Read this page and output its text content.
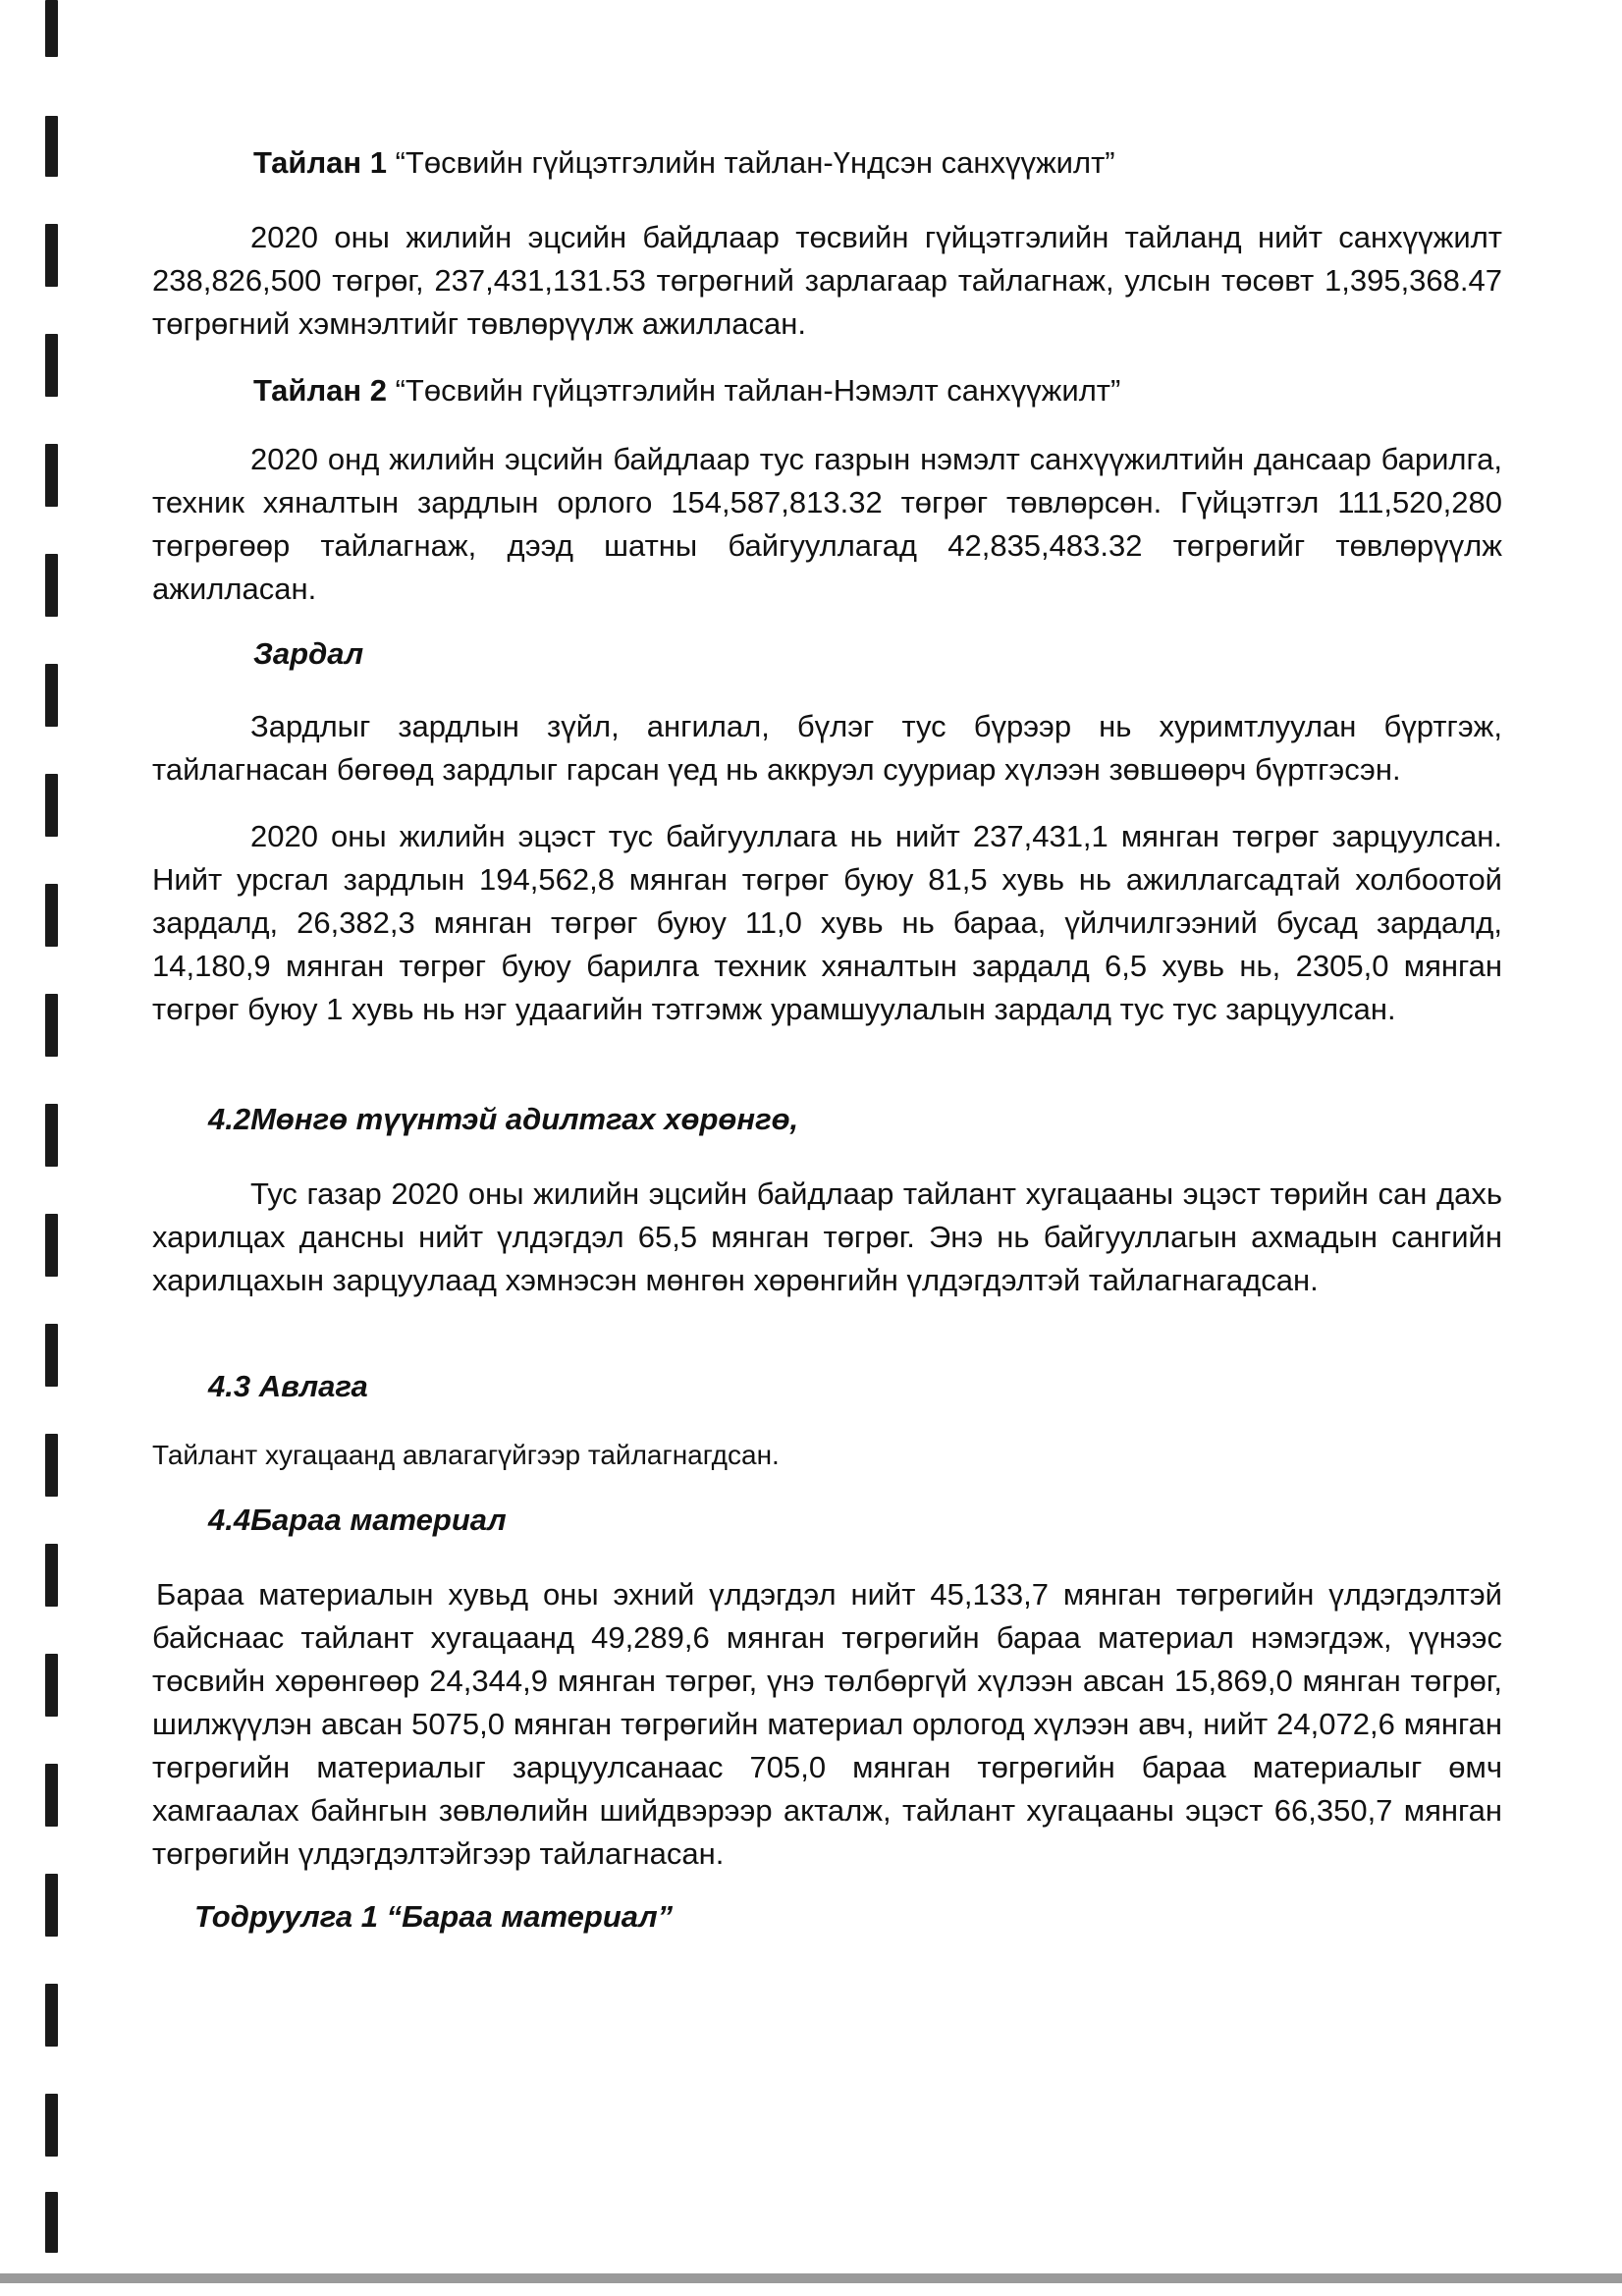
Тайлан 1 “Төсвийн гүйцэтгэлийн тайлан-Үндсэн санхүүжилт”

2020 оны жилийн эцсийн байдлаар төсвийн гүйцэтгэлийн тайланд нийт санхүүжилт 238,826,500 төгрөг, 237,431,131.53 төгрөгний зарлагаар тайлагнаж, улсын төсөвт 1,395,368.47 төгрөгний хэмнэлтийг төвлөрүүлж ажилласан.

Тайлан 2 “Төсвийн гүйцэтгэлийн тайлан-Нэмэлт санхүүжилт”

2020 онд жилийн эцсийн байдлаар тус газрын нэмэлт санхүүжилтийн дансаар барилга, техник хяналтын зардлын орлого 154,587,813.32 төгрөг төвлөрсөн. Гүйцэтгэл 111,520,280 төгрөгөөр тайлагнаж, дээд шатны байгууллагад 42,835,483.32 төгрөгийг төвлөрүүлж ажилласан.

Зардал

Зардлыг зардлын зүйл, ангилал, бүлэг тус бүрээр нь хуримтлуулан бүртгэж, тайлагнасан бөгөөд зардлыг гарсан үед нь аккруэл сууриар хүлээн зөвшөөрч бүртгэсэн.

2020 оны жилийн эцэст тус байгууллага нь нийт 237,431,1 мянган төгрөг зарцуулсан. Нийт урсгал зардлын 194,562,8 мянган төгрөг буюу 81,5 хувь нь ажиллагсадтай холбоотой зардалд, 26,382,3 мянган төгрөг буюу 11,0 хувь нь бараа, үйлчилгээний бусад зардалд, 14,180,9 мянган төгрөг буюу барилга техник хяналтын зардалд 6,5 хувь нь, 2305,0 мянган төгрөг буюу 1 хувь нь нэг удаагийн тэтгэмж урамшуулалын зардалд тус тус зарцуулсан.

4.2Мөнгө түүнтэй адилтгах хөрөнгө,

Тус газар 2020 оны жилийн эцсийн байдлаар тайлант хугацааны эцэст төрийн сан дахь харилцах дансны нийт үлдэгдэл 65,5 мянган төгрөг. Энэ нь байгууллагын ахмадын сангийн харилцахын зарцуулаад хэмнэсэн мөнгөн хөрөнгийн үлдэгдэлтэй тайлагнагадсан.

4.3 Авлага

Тайлант хугацаанд авлагагүйгээр тайлагнагдсан.

4.4Бараа материал

Бараа материалын хувьд оны эхний үлдэгдэл нийт 45,133,7 мянган төгрөгийн үлдэгдэлтэй байснаас тайлант хугацаанд 49,289,6 мянган төгрөгийн бараа материал нэмэгдэж, үүнээс төсвийн хөрөнгөөр 24,344,9 мянган төгрөг, үнэ төлбөргүй хүлээн авсан 15,869,0 мянган төгрөг, шилжүүлэн авсан 5075,0 мянган төгрөгийн материал орлогод хүлээн авч, нийт 24,072,6 мянган төгрөгийн материалыг зарцуулсанаас 705,0 мянган төгрөгийн бараа материалыг өмч хамгаалах байнгын зөвлөлийн шийдвэрээр акталж, тайлант хугацааны эцэст 66,350,7 мянган төгрөгийн үлдэгдэлтэйгээр тайлагнасан.

Тодруулга 1 “Бараа материал”
